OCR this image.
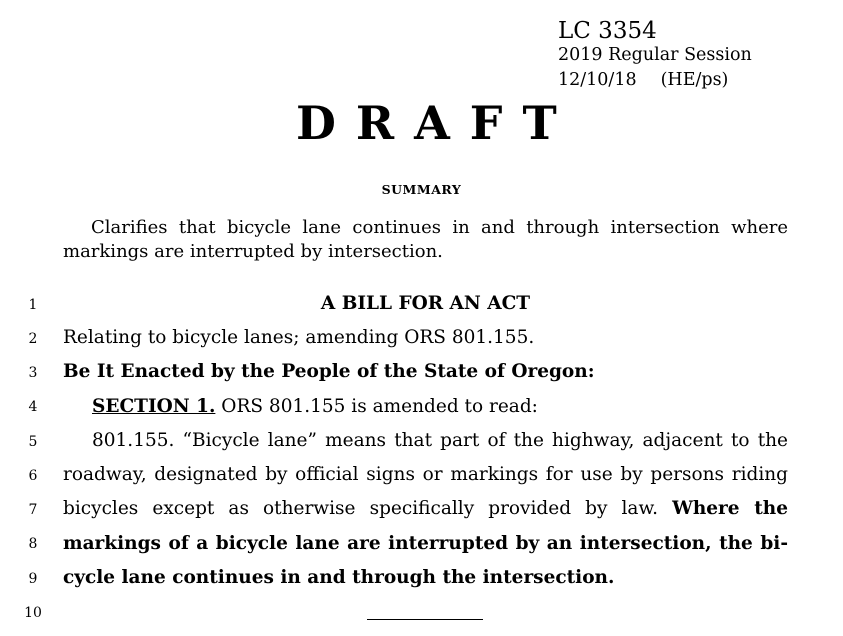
LC 3354
2019 Regular Session
12/10/18 (HE/ps)
DRAFT
SUMMARY
Clarifies that bicycle lane continues in and through intersection where markings are interrupted by intersection.
1
2
3
4
5
6
7
8
9
10
A BILL FOR AN ACT
Relating to bicycle lanes; amending ORS 801.155.
Be It Enacted by the People of the State of Oregon:
SECTION 1. ORS 801.155 is amended to read:
801.155. “Bicycle lane” means that part of the highway, adjacent to the
roadway, designated by official signs or markings for use by persons riding
bicycles except as otherwise specifically provided by law. Where the
markings of a bicycle lane are interrupted by an intersection, the bi-
cycle lane continues in and through the intersection.
